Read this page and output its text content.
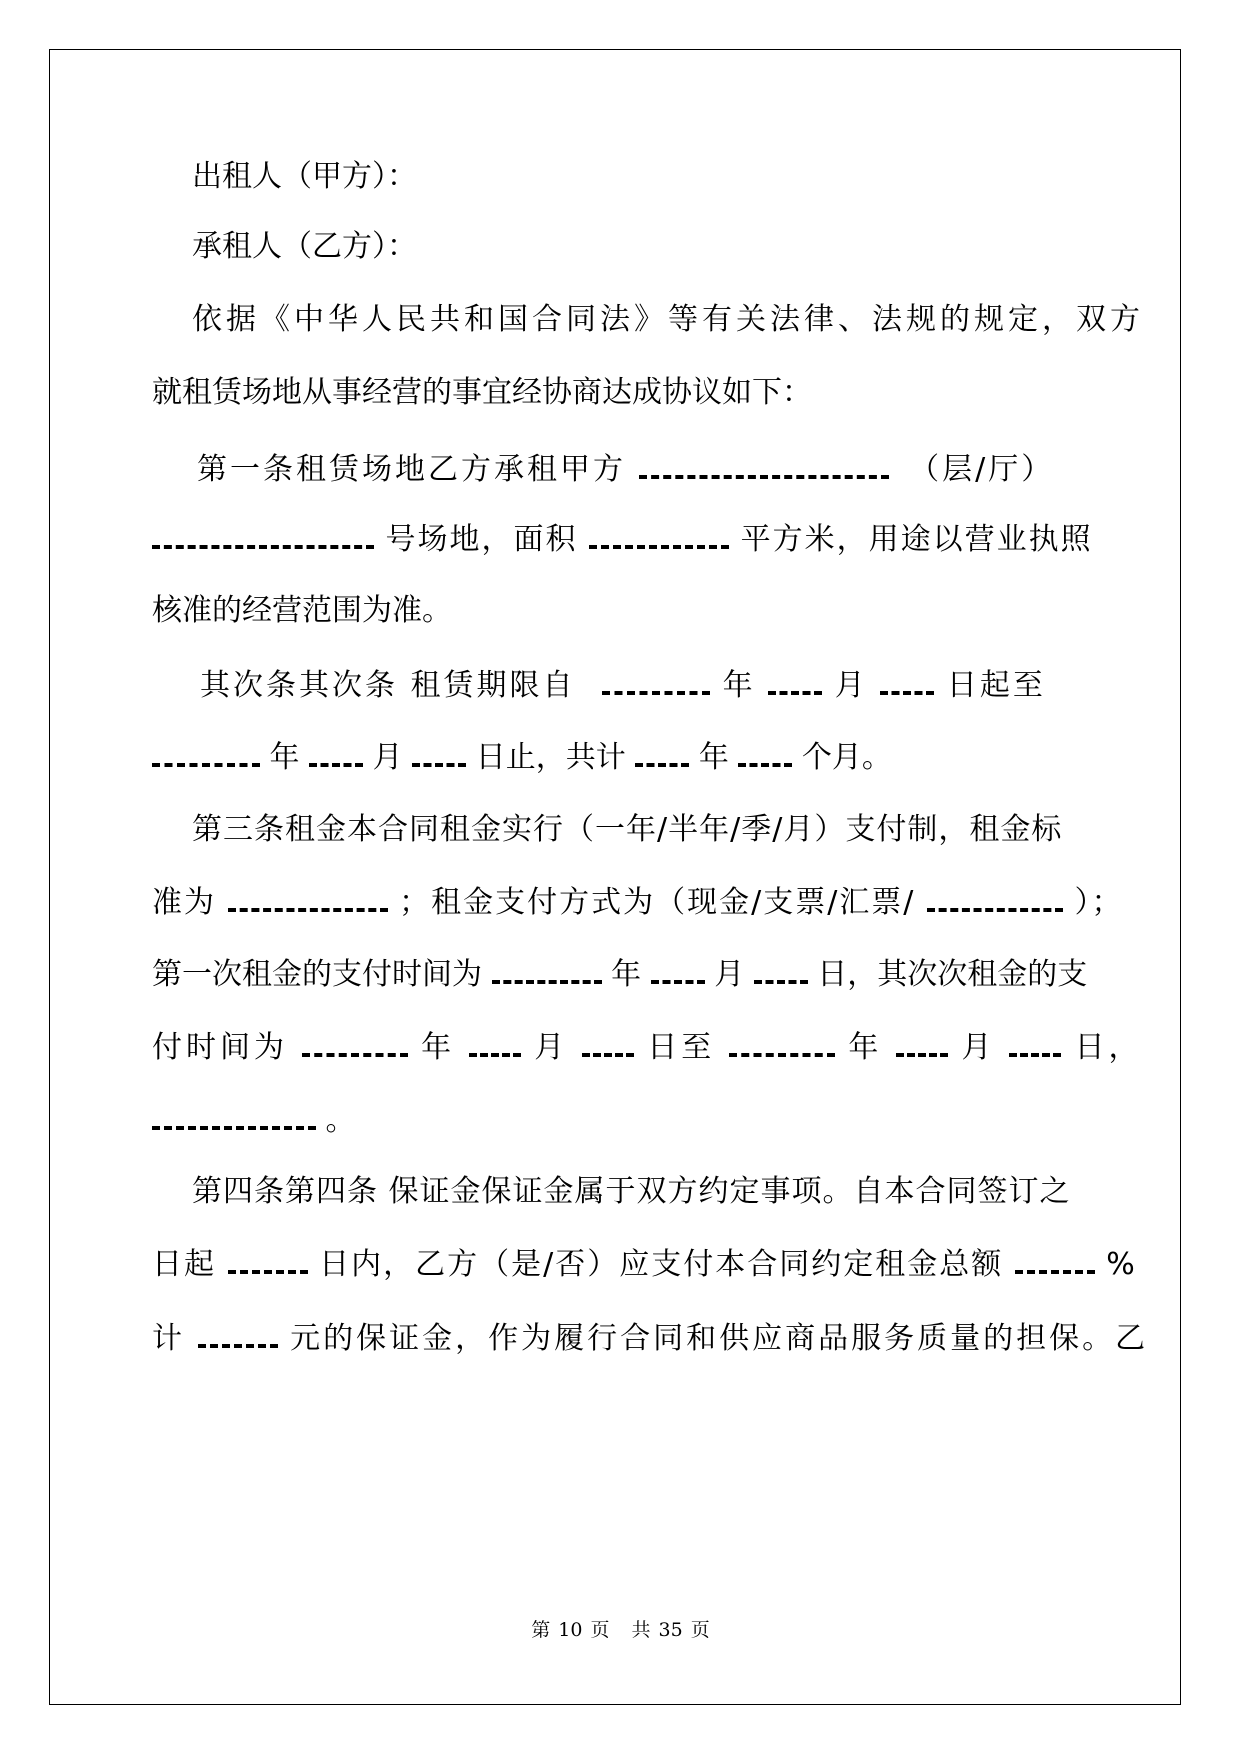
出租人（甲方）：
承租人（乙方）：
依据《中华人民共和国合同法》等有关法律、法规的规定，双方
就租赁场地从事经营的事宜经协商达成协议如下：
第一条租赁场地乙方承租甲方	（层/厅）
号场地，面积	平方米，用途以营业执照
核准的经营范围为准。
其次条其次条 租赁期限自	年	月	日起至
年 月 日止，共计 年 个月。
第三条租金本合同租金实行（一年/半年/季/月）支付制，租金标
准为	；租金支付方式为（现金/支票/汇票/	）；
第一次租金的支付时间为	年 月 日，其次次租金的支
付时间为	年	月	日至	年	月	日，
。
第四条第四条 保证金保证金属于双方约定事项。自本合同签订之
日起	日内，乙方（是/否）应支付本合同约定租金总额	%
计	元的保证金，作为履行合同和供应商品服务质量的担保。乙
第 10 页 共 35 页
